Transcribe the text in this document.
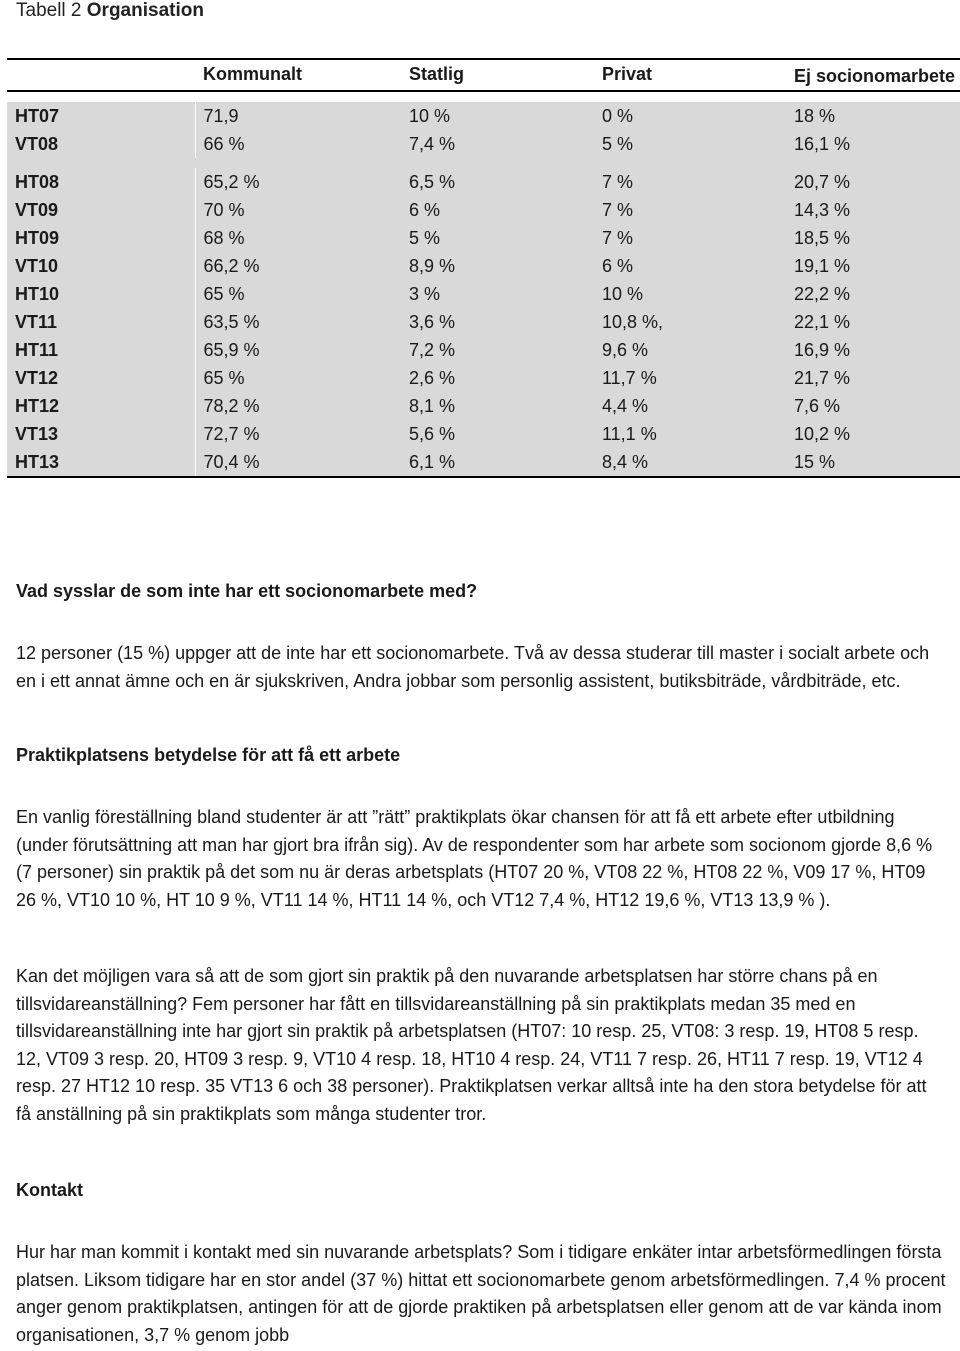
Tabell 2 Organisation
	Kommunalt	Statlig	Privat	Ej socionomarbete

HT07	71,9	10 %	0 %	18 %
VT08	66 %	7,4 %	5 %	16,1 %

HT08	65,2 %	6,5 %	7 %	20,7 %
VT09	70 %	6 %	7 %	14,3 %
HT09	68 %	5 %	7 %	18,5 %
VT10	66,2 %	8,9 %	6 %	19,1 %
HT10	65 %	3 %	10 %	22,2 %
VT11	63,5 %	3,6 %	10,8 %,	22,1 %
HT11	65,9 %	7,2 %	9,6 %	16,9 %
VT12	65 %	2,6 %	11,7 %	21,7 %
HT12	78,2 %	8,1 %	4,4 %	7,6 %
VT13	72,7 %	5,6 %	11,1 %	10,2 %
HT13	70,4 %	6,1 %	8,4 %	15 %
Vad sysslar de som inte har ett socionomarbete med?
12 personer (15 %) uppger att de inte har ett socionomarbete. Två av dessa studerar till master i socialt arbete och en i ett annat ämne och en är sjukskriven, Andra jobbar som personlig assistent, butiksbiträde, vårdbiträde, etc.
Praktikplatsens betydelse för att få ett arbete
En vanlig föreställning bland studenter är att ”rätt” praktikplats ökar chansen för att få ett arbete efter utbildning (under förutsättning att man har gjort bra ifrån sig). Av de respondenter som har arbete som socionom gjorde 8,6 % (7 personer) sin praktik på det som nu är deras arbetsplats (HT07 20 %, VT08 22 %, HT08 22 %, V09 17 %, HT09 26 %, VT10 10 %, HT 10 9 %, VT11 14 %, HT11 14 %, och VT12 7,4 %, HT12 19,6 %, VT13 13,9 % ).
Kan det möjligen vara så att de som gjort sin praktik på den nuvarande arbetsplatsen har större chans på en tillsvidareanställning? Fem personer har fått en tillsvidareanställning på sin praktikplats medan 35 med en tillsvidareanställning inte har gjort sin praktik på arbetsplatsen (HT07: 10 resp. 25, VT08: 3 resp. 19, HT08 5 resp. 12, VT09 3 resp. 20, HT09 3 resp. 9, VT10 4 resp. 18, HT10 4 resp. 24, VT11 7 resp. 26, HT11 7 resp. 19, VT12 4 resp. 27 HT12 10 resp. 35 VT13 6 och 38 personer). Praktikplatsen verkar alltså inte ha den stora betydelse för att få anställning på sin praktikplats som många studenter tror.
Kontakt
Hur har man kommit i kontakt med sin nuvarande arbetsplats? Som i tidigare enkäter intar arbetsförmedlingen första platsen. Liksom tidigare har en stor andel (37 %) hittat ett socionomarbete genom arbetsförmedlingen. 7,4 % procent anger genom praktikplatsen, antingen för att de gjorde praktiken på arbetsplatsen eller genom att de var kända inom organisationen, 3,7 % genom jobb
